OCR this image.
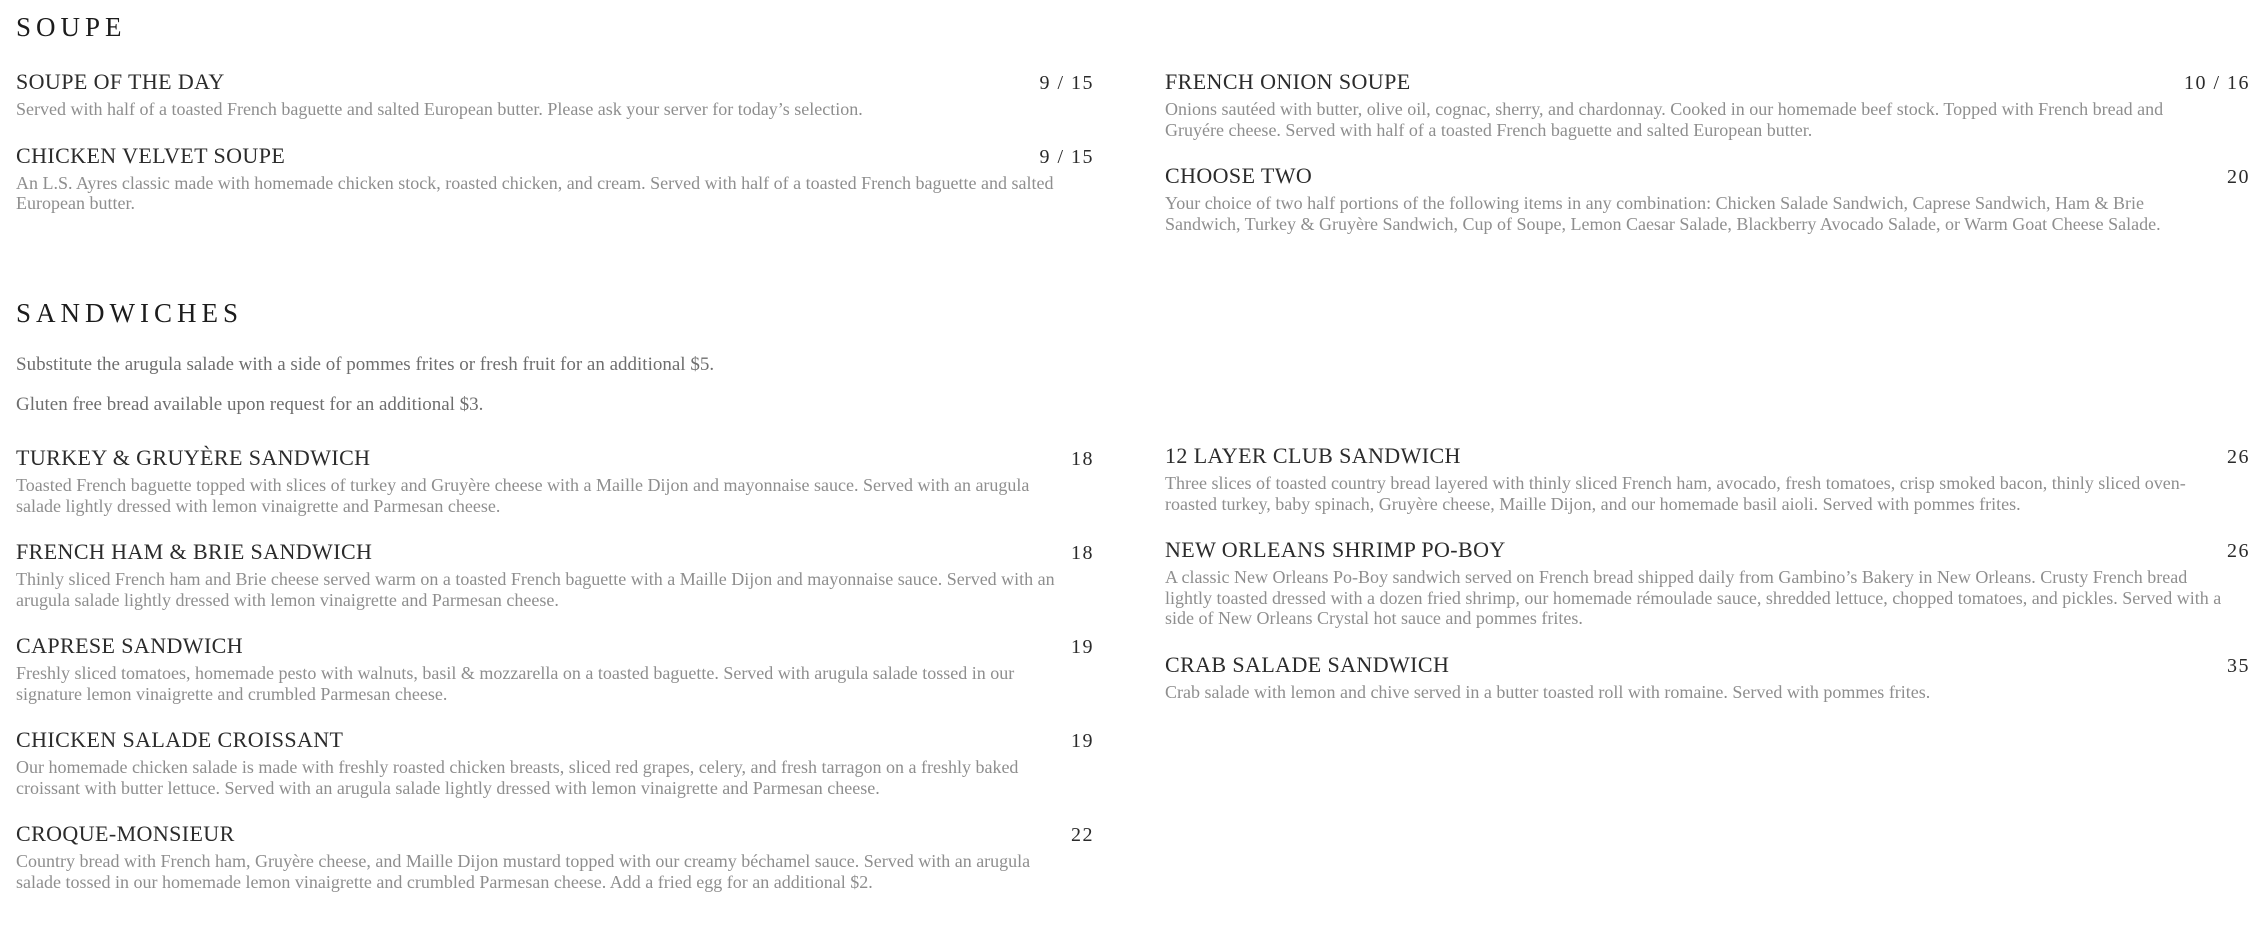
SOUPE
SOUPE OF THE DAY	9 / 15

Served with half of a toasted French baguette and salted European butter. Please ask your server for today’s selection.

CHICKEN VELVET SOUPE	9 / 15

An L.S. Ayres classic made with homemade chicken stock, roasted chicken, and cream. Served with half of a toasted French baguette and salted European butter.

FRENCH ONION SOUPE	10 / 16

Onions sautéed with butter, olive oil, cognac, sherry, and chardonnay. Cooked in our homemade beef stock. Topped with French bread and Gruyére cheese. Served with half of a toasted French baguette and salted European butter.

CHOOSE TWO	20

Your choice of two half portions of the following items in any combination: Chicken Salade Sandwich, Caprese Sandwich, Ham & Brie Sandwich, Turkey & Gruyère Sandwich, Cup of Soupe, Lemon Caesar Salade, Blackberry Avocado Salade, or Warm Goat Cheese Salade.

SANDWICHES

Substitute the arugula salade with a side of pommes frites or fresh fruit for an additional $5.

Gluten free bread available upon request for an additional $3.

TURKEY & GRUYÈRE SANDWICH	18

Toasted French baguette topped with slices of turkey and Gruyère cheese with a Maille Dijon and mayonnaise sauce. Served with an arugula salade lightly dressed with lemon vinaigrette and Parmesan cheese.

FRENCH HAM & BRIE SANDWICH	18

Thinly sliced French ham and Brie cheese served warm on a toasted French baguette with a Maille Dijon and mayonnaise sauce. Served with an arugula salade lightly dressed with lemon vinaigrette and Parmesan cheese.

CAPRESE SANDWICH	19

Freshly sliced tomatoes, homemade pesto with walnuts, basil & mozzarella on a toasted baguette. Served with arugula salade tossed in our signature lemon vinaigrette and crumbled Parmesan cheese.

CHICKEN SALADE CROISSANT	19

Our homemade chicken salade is made with freshly roasted chicken breasts, sliced red grapes, celery, and fresh tarragon on a freshly baked croissant with butter lettuce. Served with an arugula salade lightly dressed with lemon vinaigrette and Parmesan cheese.

CROQUE-MONSIEUR	22

Country bread with French ham, Gruyère cheese, and Maille Dijon mustard topped with our creamy béchamel sauce. Served with an arugula salade tossed in our homemade lemon vinaigrette and crumbled Parmesan cheese. Add a fried egg for an additional $2.

12 LAYER CLUB SANDWICH	26

Three slices of toasted country bread layered with thinly sliced French ham, avocado, fresh tomatoes, crisp smoked bacon, thinly sliced oven-roasted turkey, baby spinach, Gruyère cheese, Maille Dijon, and our homemade basil aioli. Served with pommes frites.

NEW ORLEANS SHRIMP PO-BOY	26

A classic New Orleans Po-Boy sandwich served on French bread shipped daily from Gambino’s Bakery in New Orleans. Crusty French bread lightly toasted dressed with a dozen fried shrimp, our homemade rémoulade sauce, shredded lettuce, chopped tomatoes, and pickles. Served with a side of New Orleans Crystal hot sauce and pommes frites.

CRAB SALADE SANDWICH	35

Crab salade with lemon and chive served in a butter toasted roll with romaine. Served with pommes frites.
